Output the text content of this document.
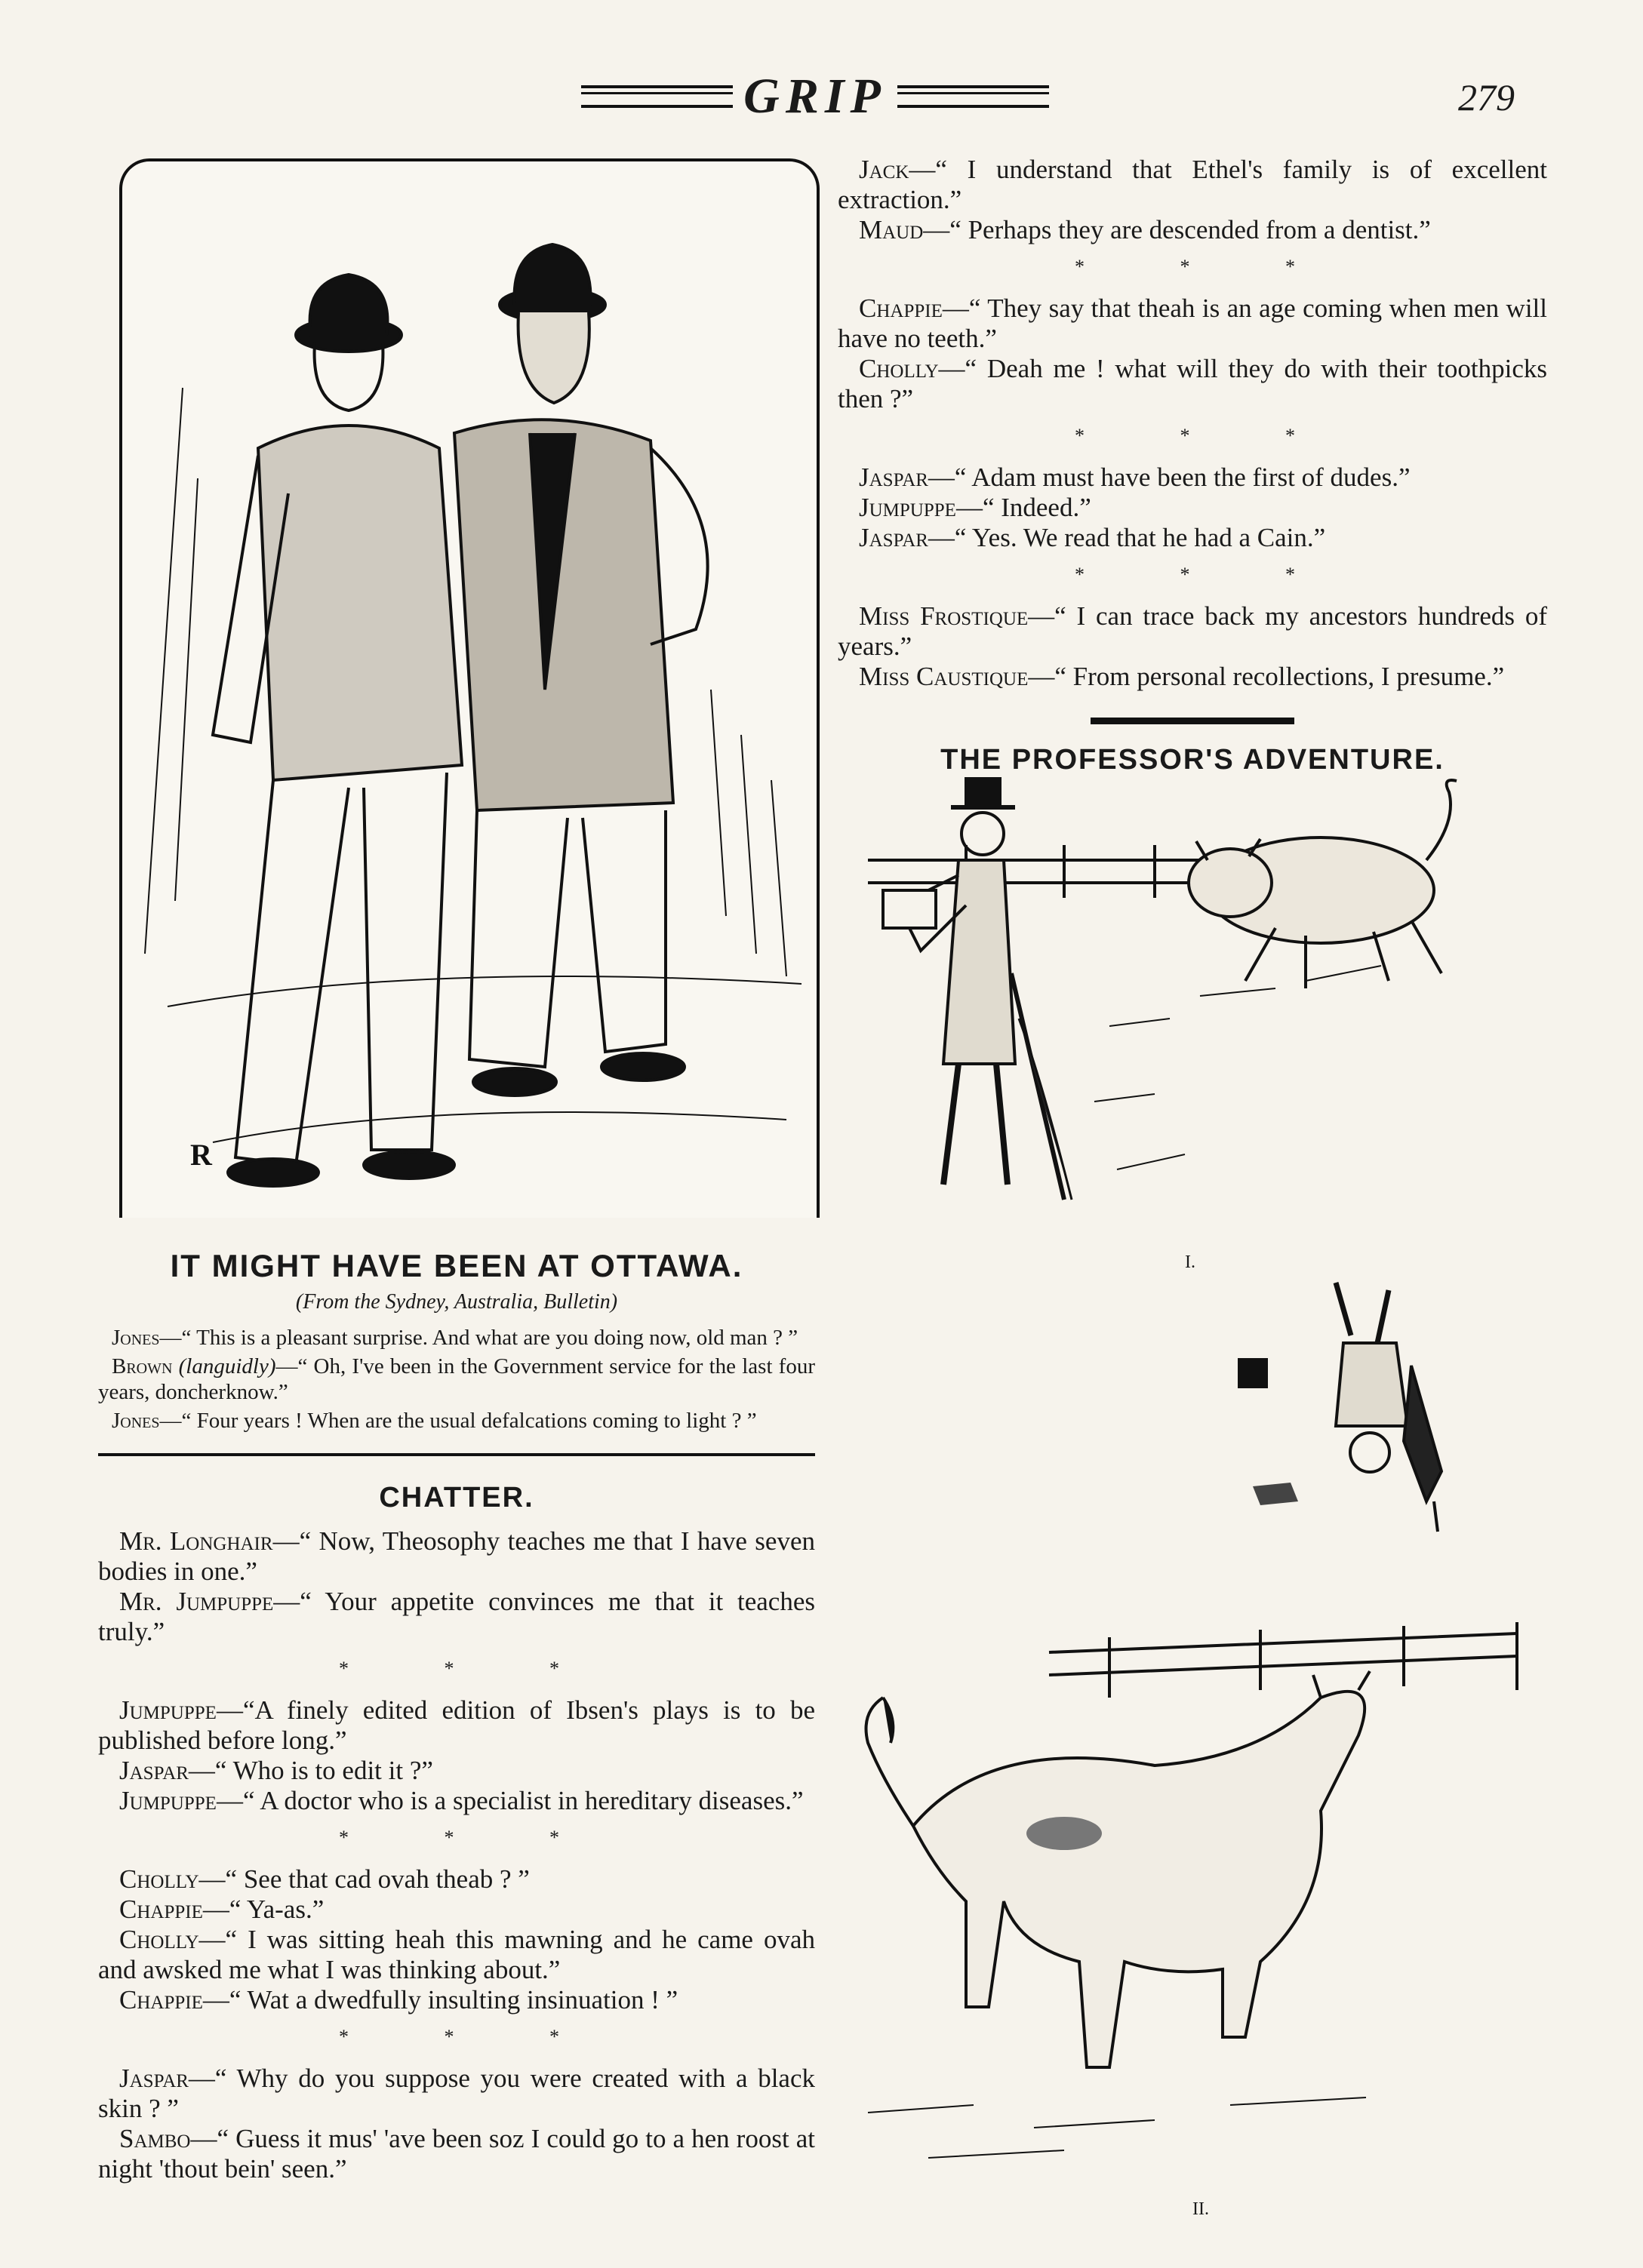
GRIP	279
R
IT MIGHT HAVE BEEN AT OTTAWA.
(From the Sydney, Australia, Bulletin)

Jones—“ This is a pleasant surprise. And what are you doing now, old man ? ”

Brown (languidly)—“ Oh, I've been in the Government service for the last four years, doncherknow.”

Jones—“ Four years ! When are the usual defalcations coming to light ? ”

CHATTER.

Mr. Longhair—“ Now, Theosophy teaches me that I have seven bodies in one.”

Mr. Jumpuppe—“ Your appetite convinces me that it teaches truly.”

* * *

Jumpuppe—“A finely edited edition of Ibsen's plays is to be published before long.”

Jaspar—“ Who is to edit it ?”

Jumpuppe—“ A doctor who is a specialist in hereditary diseases.”

* * *

Cholly—“ See that cad ovah theab ? ”

Chappie—“ Ya-as.”

Cholly—“ I was sitting heah this mawning and he came ovah and awsked me what I was thinking about.”

Chappie—“ Wat a dwedfully insulting insinuation ! ”

* * *

Jaspar—“ Why do you suppose you were created with a black skin ? ”

Sambo—“ Guess it mus' 'ave been soz I could go to a hen roost at night 'thout bein' seen.”

Jack—“ I understand that Ethel's family is of excellent extraction.”

Maud—“ Perhaps they are descended from a dentist.”

* * *

Chappie—“ They say that theah is an age coming when men will have no teeth.”

Cholly—“ Deah me ! what will they do with their toothpicks then ?”

* * *

Jaspar—“ Adam must have been the first of dudes.”

Jumpuppe—“ Indeed.”

Jaspar—“ Yes. We read that he had a Cain.”

* * *

Miss Frostique—“ I can trace back my ancestors hundreds of years.”

Miss Caustique—“ From personal recollections, I presume.”

THE PROFESSOR'S ADVENTURE.
I.
II.
